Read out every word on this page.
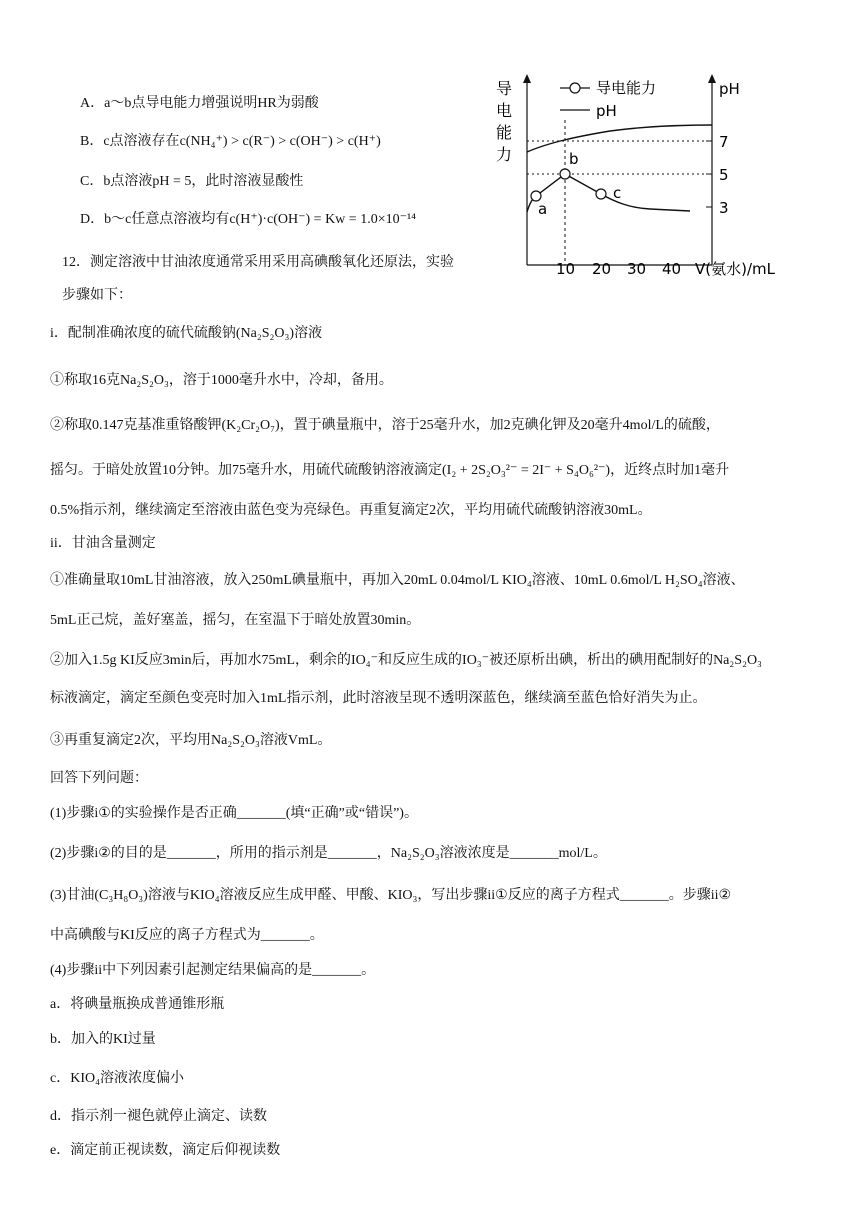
A．a～b点导电能力增强说明HR为弱酸
B．c点溶液存在c(NH₄⁺) > c(R⁻) > c(OH⁻) > c(H⁺)
C．b点溶液pH = 5，此时溶液显酸性
D．b～c任意点溶液均有c(H⁺)·c(OH⁻) = Kw = 1.0×10⁻¹⁴
导
电
能
力
pH
导电能力
pH
7
5
3
10 20 30 40 V(氨水)/mL
a
b
c
12．测定溶液中甘油浓度通常采用采用高碘酸氧化还原法，实验
步骤如下：
i．配制准确浓度的硫代硫酸钠(Na₂S₂O₃)溶液
①称取16克Na₂S₂O₃，溶于1000毫升水中，冷却，备用。
②称取0.147克基准重铬酸钾(K₂Cr₂O₇)，置于碘量瓶中，溶于25毫升水，加2克碘化钾及20毫升4mol/L的硫酸，
摇匀。于暗处放置10分钟。加75毫升水，用硫代硫酸钠溶液滴定(I₂ + 2S₂O₃²⁻ = 2I⁻ + S₄O₆²⁻)，近终点时加1毫升
0.5%指示剂，继续滴定至溶液由蓝色变为亮绿色。再重复滴定2次，平均用硫代硫酸钠溶液30mL。
ii．甘油含量测定
①准确量取10mL甘油溶液，放入250mL碘量瓶中，再加入20mL 0.04mol/L KIO₄溶液、10mL 0.6mol/L H₂SO₄溶液、
5mL正己烷，盖好塞盖，摇匀，在室温下于暗处放置30min。
②加入1.5g KI反应3min后，再加水75mL，剩余的IO₄⁻和反应生成的IO₃⁻被还原析出碘，析出的碘用配制好的Na₂S₂O₃
标液滴定，滴定至颜色变亮时加入1mL指示剂，此时溶液呈现不透明深蓝色，继续滴至蓝色恰好消失为止。
③再重复滴定2次，平均用Na₂S₂O₃溶液VmL。
回答下列问题：
(1)步骤i①的实验操作是否正确_______(填“正确”或“错误”)。
(2)步骤i②的目的是_______，所用的指示剂是_______，Na₂S₂O₃溶液浓度是_______mol/L。
(3)甘油(C₃H₈O₃)溶液与KIO₄溶液反应生成甲醛、甲酸、KIO₃，写出步骤ii①反应的离子方程式_______。步骤ii②
中高碘酸与KI反应的离子方程式为_______。
(4)步骤ii中下列因素引起测定结果偏高的是_______。
a．将碘量瓶换成普通锥形瓶
b．加入的KI过量
c．KIO₄溶液浓度偏小
d．指示剂一褪色就停止滴定、读数
e．滴定前正视读数，滴定后仰视读数
